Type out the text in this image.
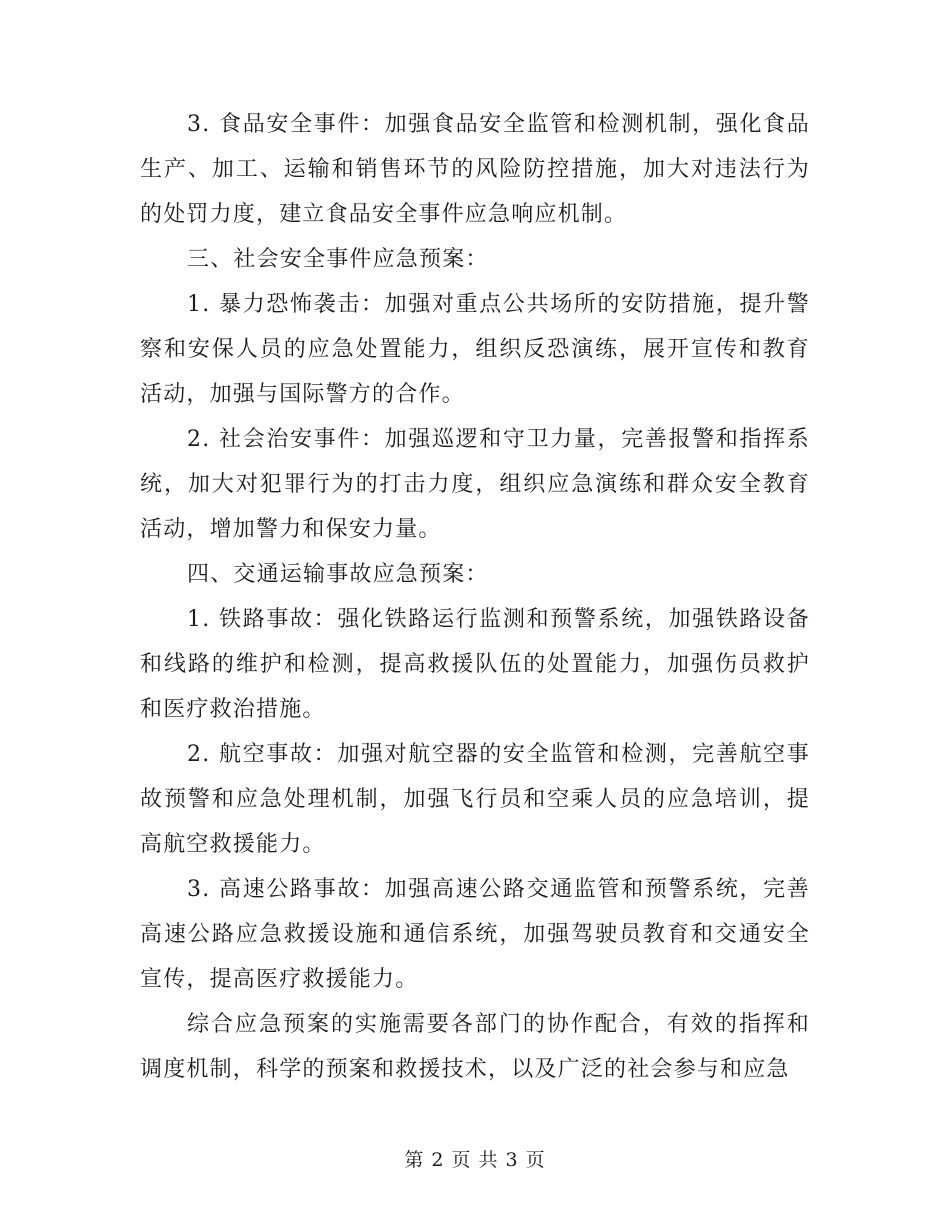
3. 食品安全事件：加强食品安全监管和检测机制，强化食品生产、加工、运输和销售环节的风险防控措施，加大对违法行为的处罚力度，建立食品安全事件应急响应机制。

三、社会安全事件应急预案：

1. 暴力恐怖袭击：加强对重点公共场所的安防措施，提升警察和安保人员的应急处置能力，组织反恐演练，展开宣传和教育活动，加强与国际警方的合作。

2. 社会治安事件：加强巡逻和守卫力量，完善报警和指挥系统，加大对犯罪行为的打击力度，组织应急演练和群众安全教育活动，增加警力和保安力量。

四、交通运输事故应急预案：

1. 铁路事故：强化铁路运行监测和预警系统，加强铁路设备和线路的维护和检测，提高救援队伍的处置能力，加强伤员救护和医疗救治措施。

2. 航空事故：加强对航空器的安全监管和检测，完善航空事故预警和应急处理机制，加强飞行员和空乘人员的应急培训，提高航空救援能力。

3. 高速公路事故：加强高速公路交通监管和预警系统，完善高速公路应急救援设施和通信系统，加强驾驶员教育和交通安全宣传，提高医疗救援能力。

综合应急预案的实施需要各部门的协作配合，有效的指挥和调度机制，科学的预案和救援技术，以及广泛的社会参与和应急

第 2 页 共 3 页
